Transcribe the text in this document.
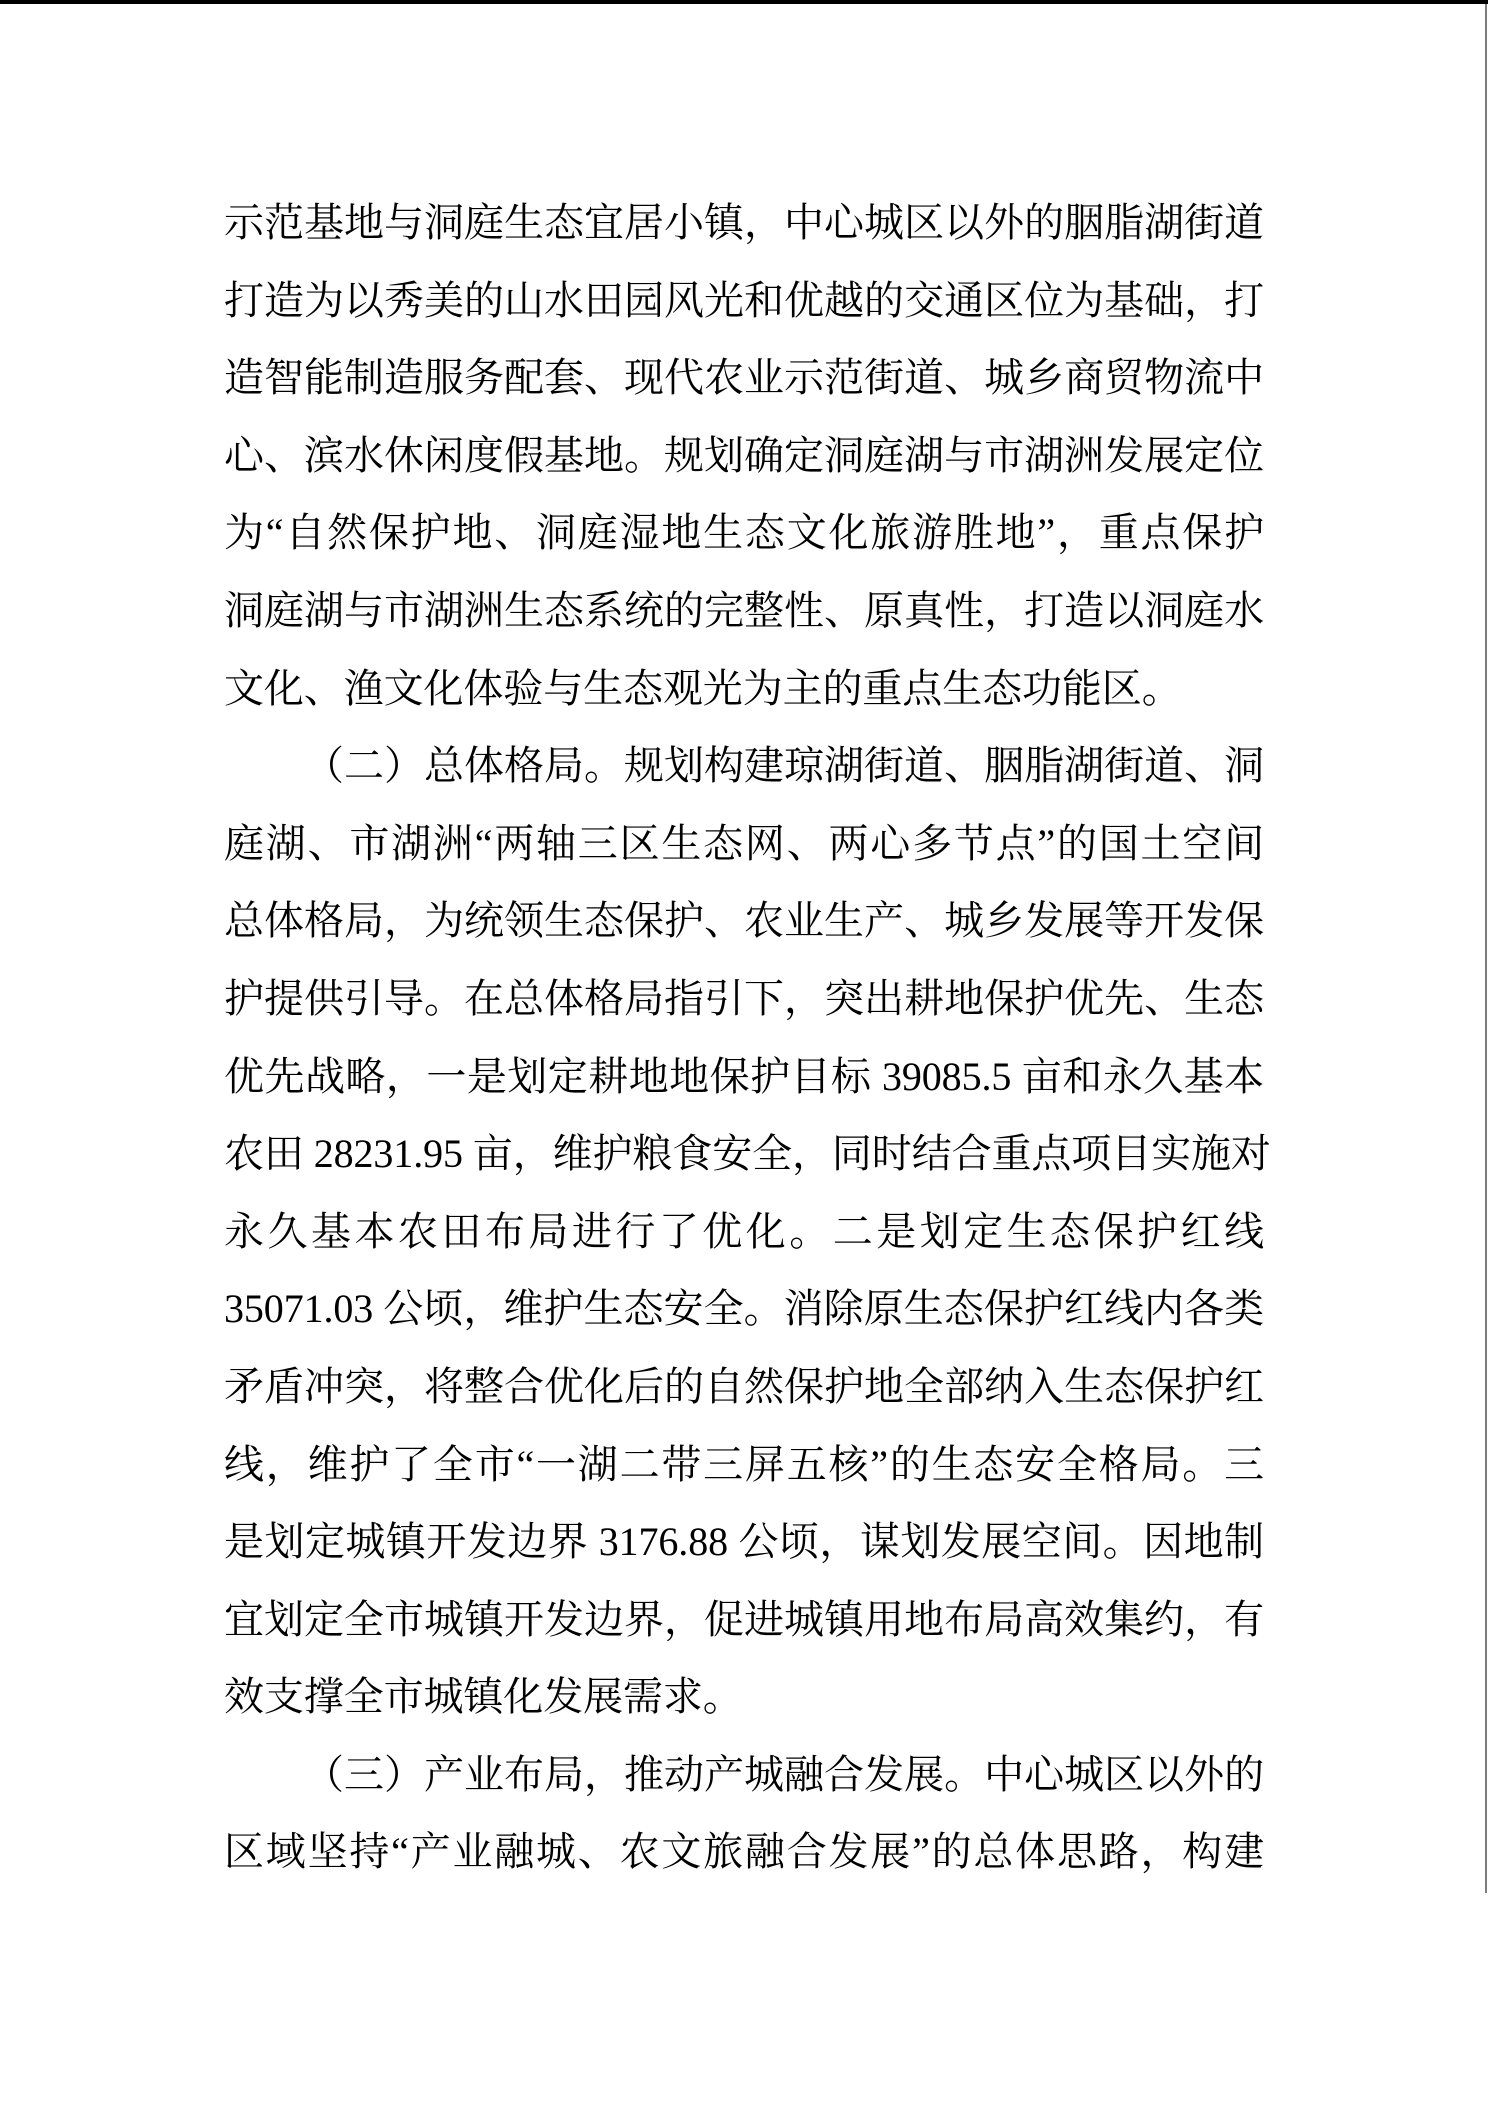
示范基地与洞庭生态宜居小镇，中心城区以外的胭脂湖街道
打造为以秀美的山水田园风光和优越的交通区位为基础，打
造智能制造服务配套、现代农业示范街道、城乡商贸物流中
心、滨水休闲度假基地。规划确定洞庭湖与市湖洲发展定位
为“自然保护地、洞庭湿地生态文化旅游胜地”，重点保护
洞庭湖与市湖洲生态系统的完整性、原真性，打造以洞庭水
文化、渔文化体验与生态观光为主的重点生态功能区。
（二）总体格局。规划构建琼湖街道、胭脂湖街道、洞
庭湖、市湖洲“两轴三区生态网、两心多节点”的国土空间
总体格局，为统领生态保护、农业生产、城乡发展等开发保
护提供引导。在总体格局指引下，突出耕地保护优先、生态
优先战略，一是划定耕地地保护目标 39085.5 亩和永久基本
农田 28231.95 亩，维护粮食安全，同时结合重点项目实施对
永久基本农田布局进行了优化。二是划定生态保护红线
35071.03 公顷，维护生态安全。消除原生态保护红线内各类
矛盾冲突，将整合优化后的自然保护地全部纳入生态保护红
线，维护了全市“一湖二带三屏五核”的生态安全格局。三
是划定城镇开发边界 3176.88 公顷，谋划发展空间。因地制
宜划定全市城镇开发边界，促进城镇用地布局高效集约，有
效支撑全市城镇化发展需求。
（三）产业布局，推动产城融合发展。中心城区以外的
区域坚持“产业融城、农文旅融合发展”的总体思路，构建
